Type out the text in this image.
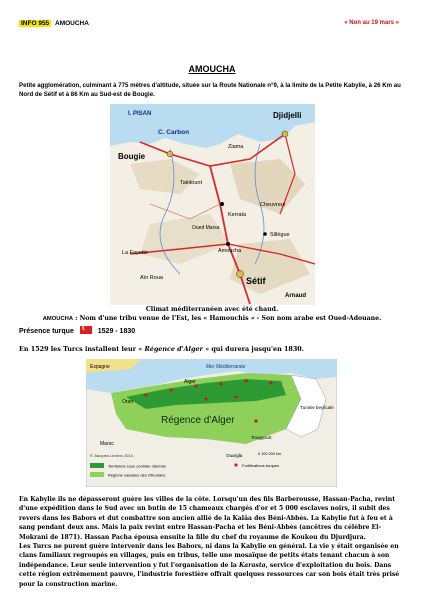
INFO 955 AMOUCHA	« Non au 19 mars »
AMOUCHA
Petite agglomération, culminant à 775 mètres d'altitude, située sur la Route Nationale n°9, à la limite de la Petite Kabylie, à 26 Km au Nord de Sétif et à 86 Km au Sud-est de Bougie.
I. PISAN
C. Carbon
Bougie
Djidjelli
Ziama
Kerrata
Amoucha
Sillègue
La Fayette
Cheuvreul
Aïn Roua	Sétif
Arnaud
Takitount
Oued Marsa
Climat méditerranéen avec été chaud.
AMOUCHA : Nom d'une tribu venue de l'Est, les « Hamouchis » - Son nom arabe est Oued-Adouane.
Présence turque ☾	1529 - 1830
En 1529 les Turcs installent leur « Régence d'Alger » qui durera jusqu'en 1830.
Espagne	Mer Méditerranée
Alger
Oran
Régence d'Alger
Tunisie beylicale
Maroc
Touggourt
Ouargla
© Jacques Leclerc 2014	0 100 200 km
Territoires sous contrôle ottoman
Régions vassales des Ottomans
Fortifications turques

En Kabylie ils ne dépasseront guère les villes de la côte. Lorsqu'un des fils Barberousse, Hassan-Pacha, revint d'une expédition dans le Sud avec un butin de 15 chameaux chargés d'or et 5 000 esclaves noirs, il subit des revers dans les Babors et dut combattre son ancien allié de la Kalâa des Béni-Abbès. La Kabylie fut à feu et à sang pendant deux ans. Mais la paix revint entre Hassan-Pacha et les Béni-Abbès (ancêtres du célèbre El-Mokrani de 1871). Hassan Pacha épousa ensuite la fille du chef du royaume de Koukou du Djurdjura.

Les Turcs ne purent guère intervenir dans les Babors, ni dans la Kabylie en général. La vie y était organisée en clans familiaux regroupés en villages, puis en tribus, telle une mosaïque de petits états tenant chacun à son indépendance. Leur seule intervention y fut l'organisation de la Karasta, service d'exploitation du bois. Dans cette région extrêmement pauvre, l'industrie forestière offrait quelques ressources car son bois était très prisé pour la construction marine.
